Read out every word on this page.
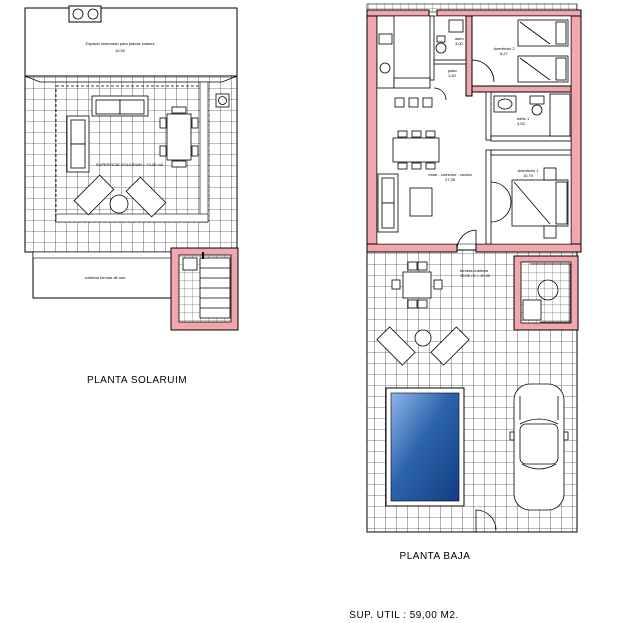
Espacio reservado para placas solares
10,50
SUPERFICIE SOLARIUM = 44,00 m2.
cubierta formas de uso
PLANTA SOLARUIM
aseo
3,00
paso
1,40
dormitorio 2
8,27
baño 1
3,53
dormitorio 1
10,70
estar - comedor - cocina
27,35
terraza cubierta
20,00 / 2 = 10,00
PLANTA BAJA
SUP. UTIL : 59,00 M2.
